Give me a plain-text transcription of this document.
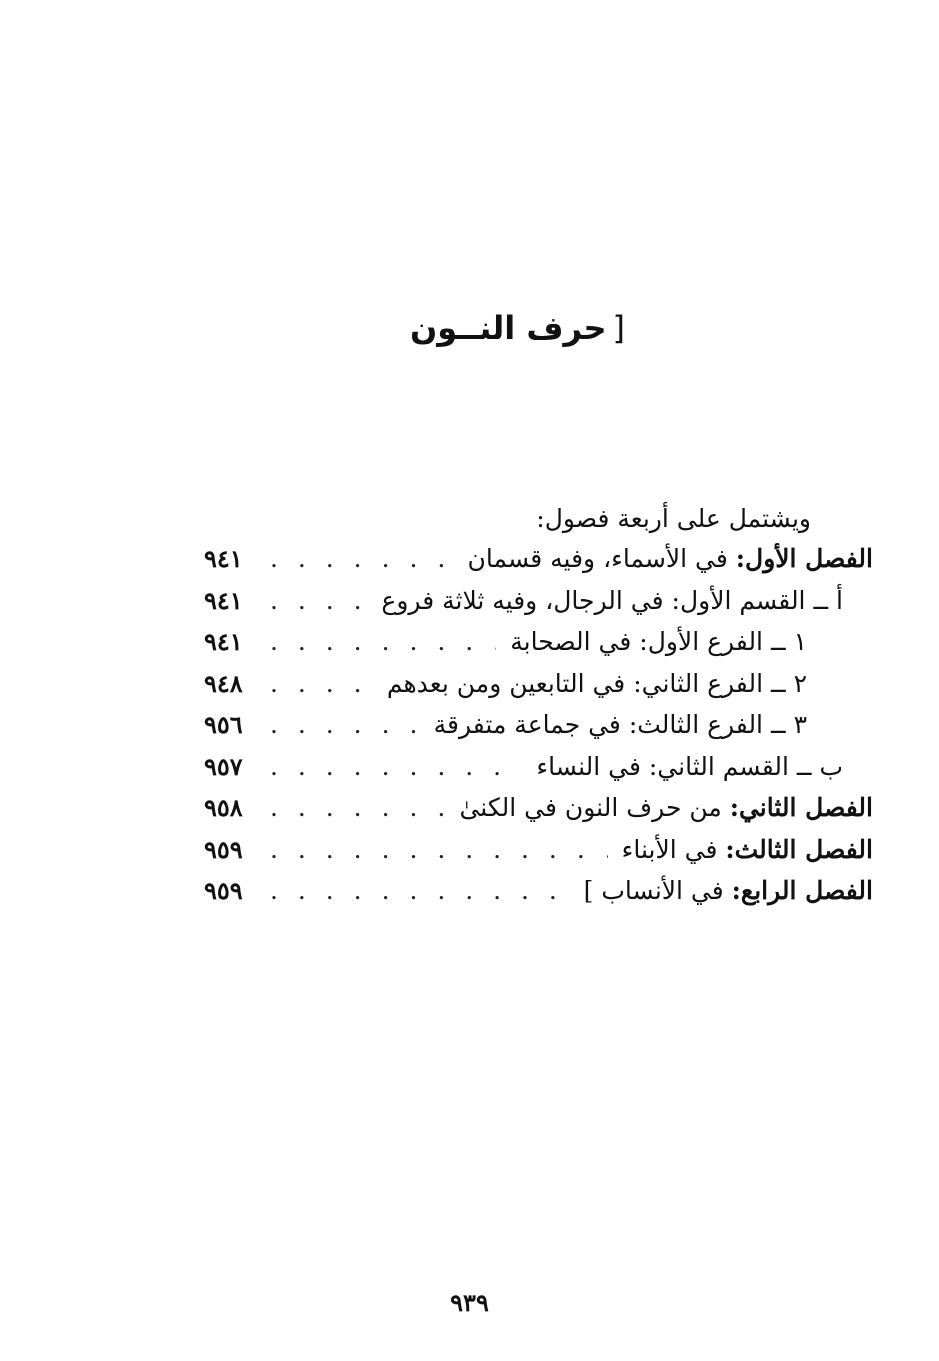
[حرف النــون
ويشتمل على أربعة فصول:
الفصل الأول: في الأسماء، وفيه قسمان
. . .
٩٤١
أ ــ القسم الأول: في الرجال، وفيه ثلاثة فروع
. . .
٩٤١
١ ــ الفرع الأول: في الصحابة
. . .
٩٤١
٢ ــ الفرع الثاني: في التابعين ومن بعدهم
. . .
٩٤٨
٣ ــ الفرع الثالث: في جماعة متفرقة
. . .
٩٥٦
ب ــ القسم الثاني: في النساء
. . .
٩٥٧
الفصل الثاني: من حرف النون في الكنىٰ
. . .
٩٥٨
الفصل الثالث: في الأبناء
. . .
٩٥٩
الفصل الرابع: في الأنساب ]
. . .
٩٥٩
٩٣٩
